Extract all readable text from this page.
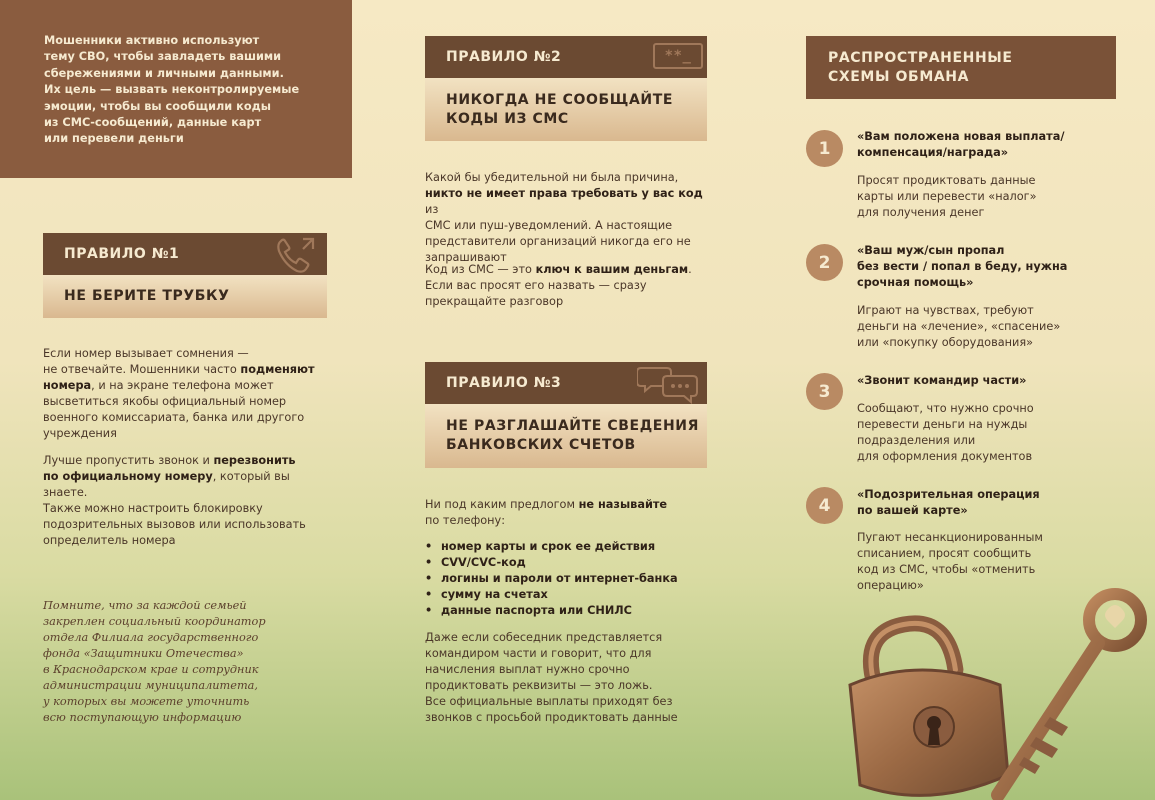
Мошенники активно используют
тему СВО, чтобы завладеть вашими
сбережениями и личными данными.
Их цель — вызвать неконтролируемые
эмоции, чтобы вы сообщили коды
из СМС-сообщений, данные карт
или перевели деньги
ПРАВИЛО №1
НЕ БЕРИТЕ ТРУБКУ
Если номер вызывает сомнения —
не отвечайте. Мошенники часто подменяют
номера, и на экране телефона может
высветиться якобы официальный номер
военного комиссариата, банка или другого
учреждения
Лучше пропустить звонок и перезвонить
по официальному номеру, который вы знаете.
Также можно настроить блокировку
подозрительных вызовов или использовать
определитель номера
Помните, что за каждой семьей
закреплен социальный координатор
отдела Филиала государственного
фонда «Защитники Отечества»
в Краснодарском крае и сотрудник
администрации муниципалитета,
у которых вы можете уточнить
всю поступающую информацию
ПРАВИЛО №2	**_
НИКОГДА НЕ СООБЩАЙТЕ
КОДЫ ИЗ СМС
Какой бы убедительной ни была причина,
никто не имеет права требовать у вас код из
СМС или пуш-уведомлений. А настоящие
представители организаций никогда его не
запрашивают
Код из СМС — это ключ к вашим деньгам.
Если вас просят его назвать — сразу
прекращайте разговор
ПРАВИЛО №3
НЕ РАЗГЛАШАЙТЕ СВЕДЕНИЯ
БАНКОВСКИХ СЧЕТОВ
Ни под каким предлогом не называйте
по телефону:
• номер карты и срок ее действия
• CVV/CVC-код
• логины и пароли от интернет-банка
• сумму на счетах
• данные паспорта или СНИЛС
Даже если собеседник представляется
командиром части и говорит, что для
начисления выплат нужно срочно
продиктовать реквизиты — это ложь.
Все официальные выплаты приходят без
звонков с просьбой продиктовать данные
РАСПРОСТРАНЕННЫЕ
СХЕМЫ ОБМАНА
1
«Вам положена новая выплата/
компенсация/награда»
Просят продиктовать данные
карты или перевести «налог»
для получения денег
2
«Ваш муж/сын пропал
без вести / попал в беду, нужна
срочная помощь»
Играют на чувствах, требуют
деньги на «лечение», «спасение»
или «покупку оборудования»
3
«Звонит командир части»
Сообщают, что нужно срочно
перевести деньги на нужды
подразделения или
для оформления документов
4
«Подозрительная операция
по вашей карте»
Пугают несанкционированным
списанием, просят сообщить
код из СМС, чтобы «отменить
операцию»
